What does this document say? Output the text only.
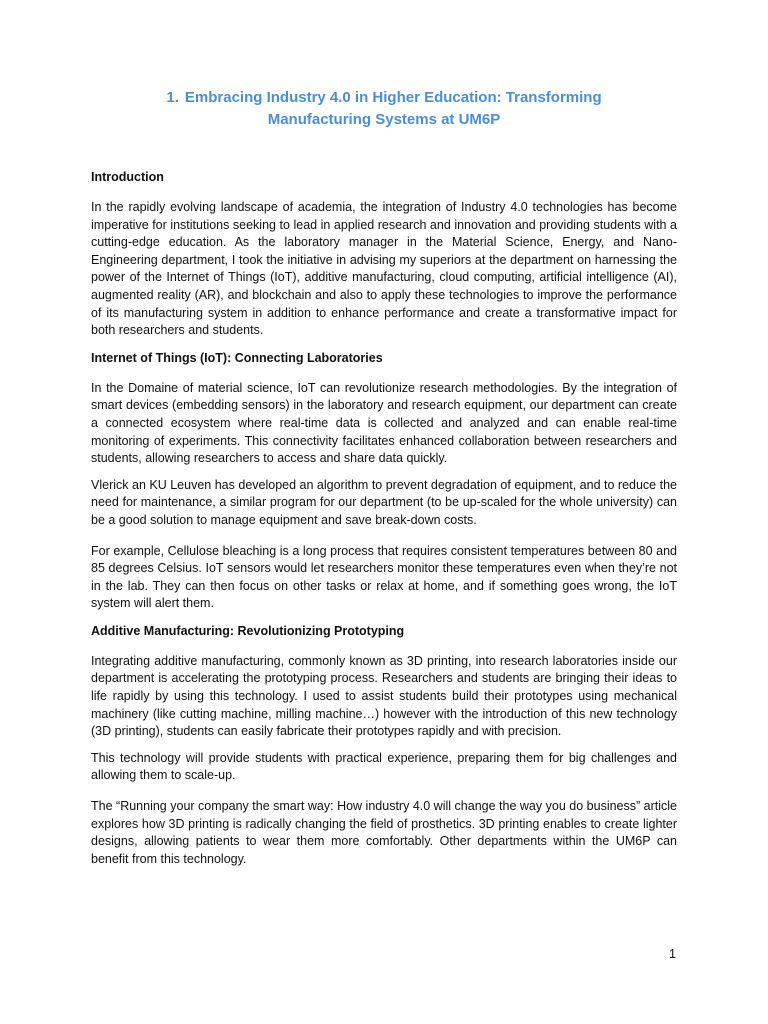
1. Embracing Industry 4.0 in Higher Education: Transforming
Manufacturing Systems at UM6P
Introduction

In the rapidly evolving landscape of academia, the integration of Industry 4.0 technologies has become imperative for institutions seeking to lead in applied research and innovation and providing students with a cutting-edge education. As the laboratory manager in the Material Science, Energy, and Nano-Engineering department, I took the initiative in advising my superiors at the department on harnessing the power of the Internet of Things (IoT), additive manufacturing, cloud computing, artificial intelligence (AI), augmented reality (AR), and blockchain and also to apply these technologies to improve the performance of its manufacturing system in addition to enhance performance and create a transformative impact for both researchers and students.

Internet of Things (IoT): Connecting Laboratories

In the Domaine of material science, IoT can revolutionize research methodologies. By the integration of smart devices (embedding sensors) in the laboratory and research equipment, our department can create a connected ecosystem where real-time data is collected and analyzed and can enable real-time monitoring of experiments. This connectivity facilitates enhanced collaboration between researchers and students, allowing researchers to access and share data quickly.

Vlerick an KU Leuven has developed an algorithm to prevent degradation of equipment, and to reduce the need for maintenance, a similar program for our department (to be up-scaled for the whole university) can be a good solution to manage equipment and save break-down costs.

For example, Cellulose bleaching is a long process that requires consistent temperatures between 80 and 85 degrees Celsius. IoT sensors would let researchers monitor these temperatures even when they’re not in the lab. They can then focus on other tasks or relax at home, and if something goes wrong, the IoT system will alert them.

Additive Manufacturing: Revolutionizing Prototyping

Integrating additive manufacturing, commonly known as 3D printing, into research laboratories inside our department is accelerating the prototyping process. Researchers and students are bringing their ideas to life rapidly by using this technology. I used to assist students build their prototypes using mechanical machinery (like cutting machine, milling machine…) however with the introduction of this new technology (3D printing), students can easily fabricate their prototypes rapidly and with precision.

This technology will provide students with practical experience, preparing them for big challenges and allowing them to scale-up.

The “Running your company the smart way: How industry 4.0 will change the way you do business” article explores how 3D printing is radically changing the field of prosthetics. 3D printing enables to create lighter designs, allowing patients to wear them more comfortably. Other departments within the UM6P can benefit from this technology.

1
